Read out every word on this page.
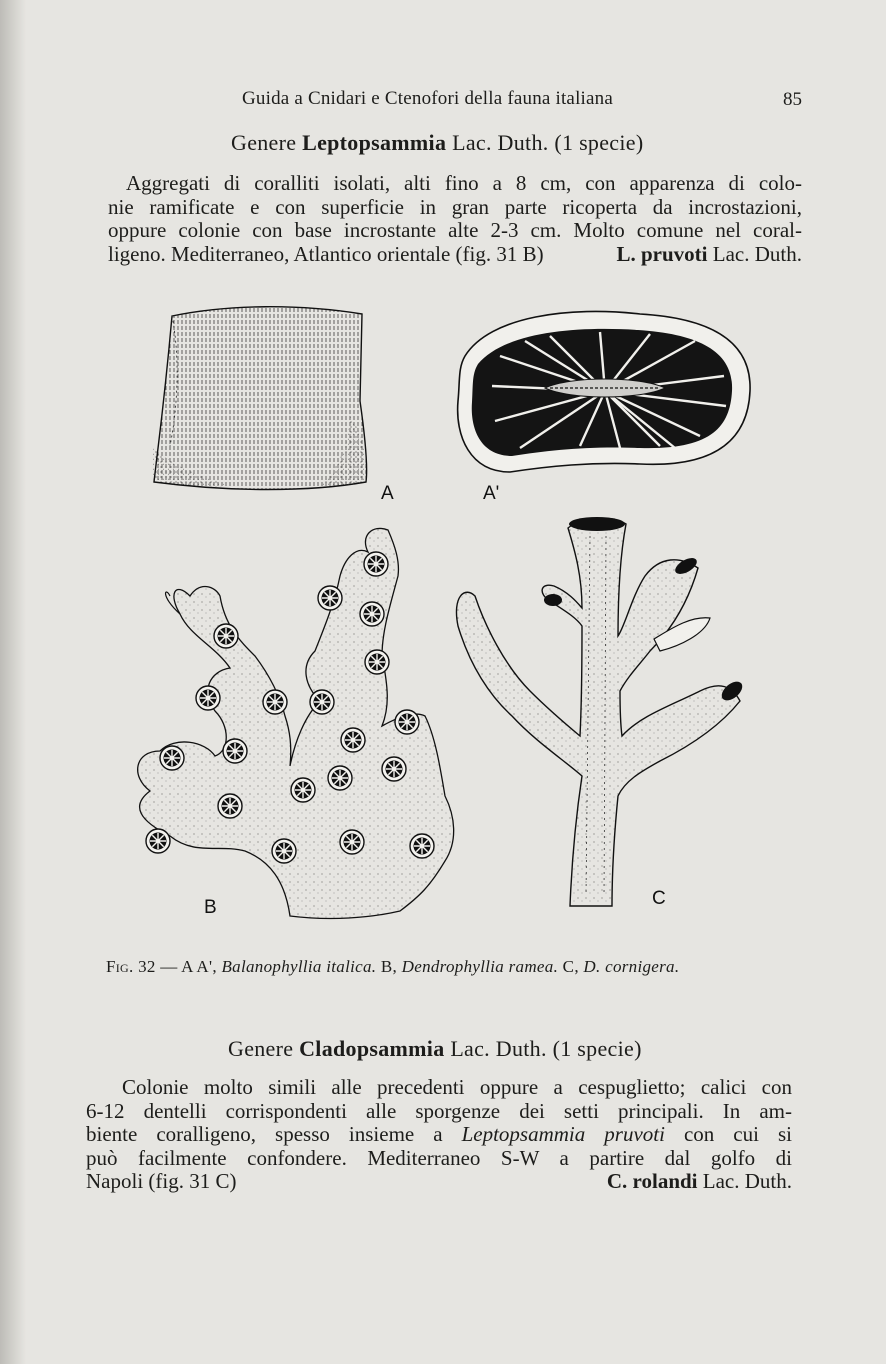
Guida a Cnidari e Ctenofori della fauna italiana	85
Genere Leptopsammia Lac. Duth. (1 specie)
Aggregati di coralliti isolati, alti fino a 8 cm, con apparenza di colo-
nie ramificate e con superficie in gran parte ricoperta da incrostazioni,
oppure colonie con base incrostante alte 2-3 cm. Molto comune nel coral-
ligeno. Mediterraneo, Atlantico orientale (fig. 31 B)	L. pruvoti Lac. Duth.
A	A'
B	C
Fig. 32 — A A', Balanophyllia italica. B, Dendrophyllia ramea. C, D. cornigera.
Genere Cladopsammia Lac. Duth. (1 specie)
Colonie molto simili alle precedenti oppure a cespuglietto; calici con
6-12 dentelli corrispondenti alle sporgenze dei setti principali. In am-
biente coralligeno, spesso insieme a Leptopsammia pruvoti con cui si
può facilmente confondere. Mediterraneo S-W a partire dal golfo di
Napoli (fig. 31 C)	C. rolandi Lac. Duth.
